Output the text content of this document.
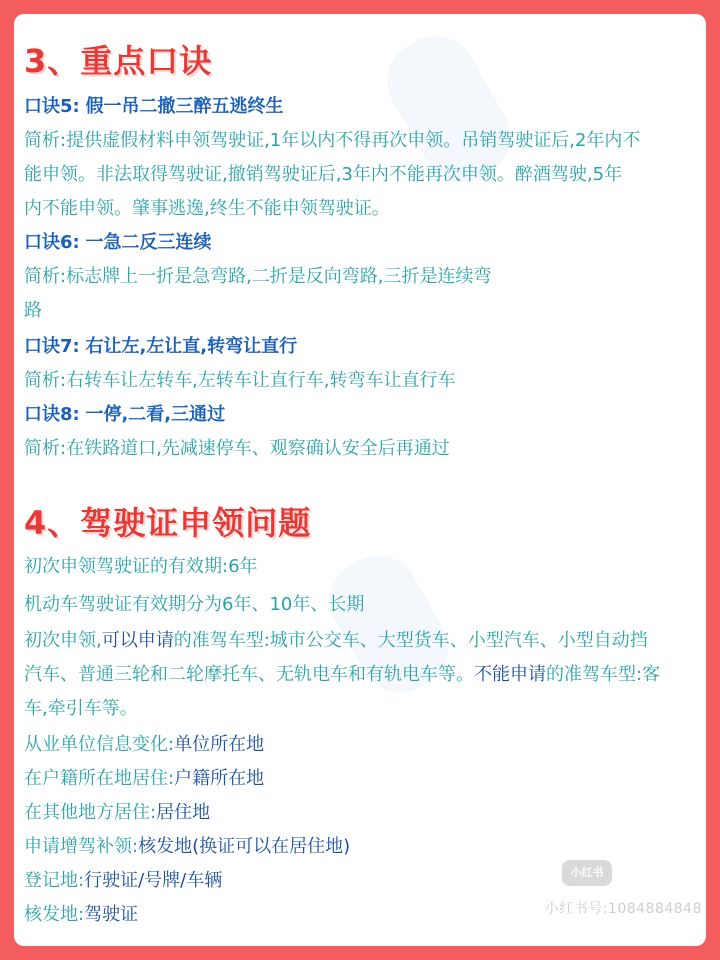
3、重点口诀
口诀5: 假一吊二撤三醉五逃终生
简析:提供虚假材料申领驾驶证,1年以内不得再次申领。吊销驾驶证后,2年内不
能申领。非法取得驾驶证,撤销驾驶证后,3年内不能再次申领。醉酒驾驶,5年
内不能申领。肇事逃逸,终生不能申领驾驶证。
口诀6: 一急二反三连续
简析:标志牌上一折是急弯路,二折是反向弯路,三折是连续弯
路
口诀7: 右让左,左让直,转弯让直行
简析:右转车让左转车,左转车让直行车,转弯车让直行车
口诀8: 一停,二看,三通过
简析:在铁路道口,先减速停车、观察确认安全后再通过
4、驾驶证申领问题
初次申领驾驶证的有效期:6年
机动车驾驶证有效期分为6年、10年、长期
初次申领,可以申请的准驾车型:城市公交车、大型货车、小型汽车、小型自动挡
汽车、普通三轮和二轮摩托车、无轨电车和有轨电车等。不能申请的准驾车型:客
车,牵引车等。
从业单位信息变化:单位所在地
在户籍所在地居住:户籍所在地
在其他地方居住:居住地
申请增驾补领:核发地(换证可以在居住地)
登记地:行驶证/号牌/车辆
核发地:驾驶证
小红书
小红书号:1084884848
